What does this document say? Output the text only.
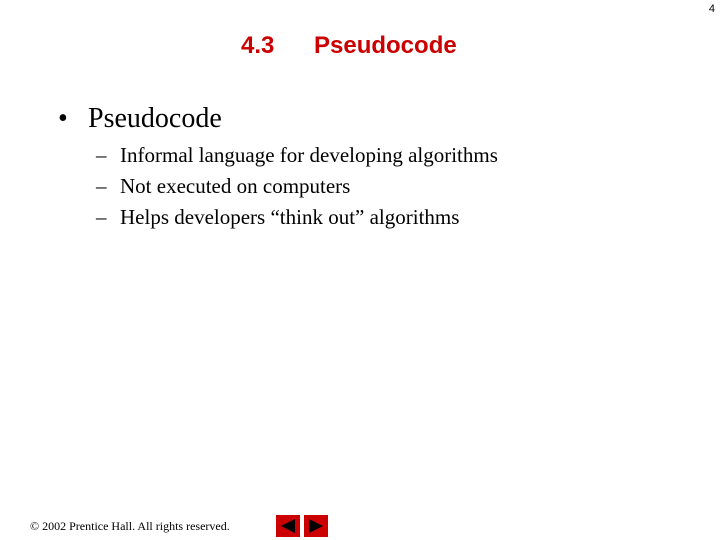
4
4.3 Pseudocode
• Pseudocode
– Informal language for developing algorithms
– Not executed on computers
– Helps developers “think out” algorithms
© 2002 Prentice Hall. All rights reserved.
